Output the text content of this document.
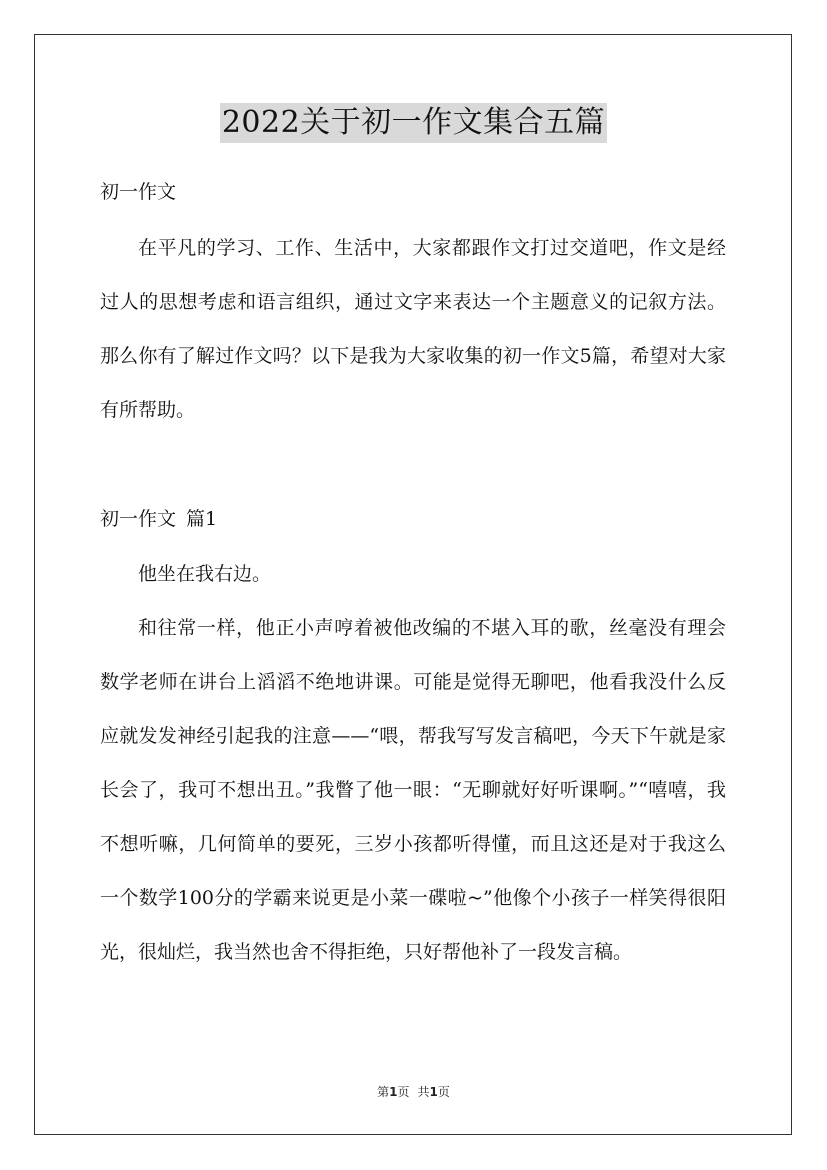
2022关于初一作文集合五篇
初一作文

在平凡的学习、工作、生活中，大家都跟作文打过交道吧，作文是经过人的思想考虑和语言组织，通过文字来表达一个主题意义的记叙方法。那么你有了解过作文吗？以下是我为大家收集的初一作文5篇，希望对大家有所帮助。

初一作文 篇1

他坐在我右边。

和往常一样，他正小声哼着被他改编的不堪入耳的歌，丝毫没有理会数学老师在讲台上滔滔不绝地讲课。可能是觉得无聊吧，他看我没什么反应就发发神经引起我的注意——“喂，帮我写写发言稿吧，今天下午就是家长会了，我可不想出丑。”我瞥了他一眼：“无聊就好好听课啊。”“嘻嘻，我不想听嘛，几何简单的要死，三岁小孩都听得懂，而且这还是对于我这么一个数学100分的学霸来说更是小菜一碟啦~”他像个小孩子一样笑得很阳光，很灿烂，我当然也舍不得拒绝，只好帮他补了一段发言稿。

第1页 共1页
